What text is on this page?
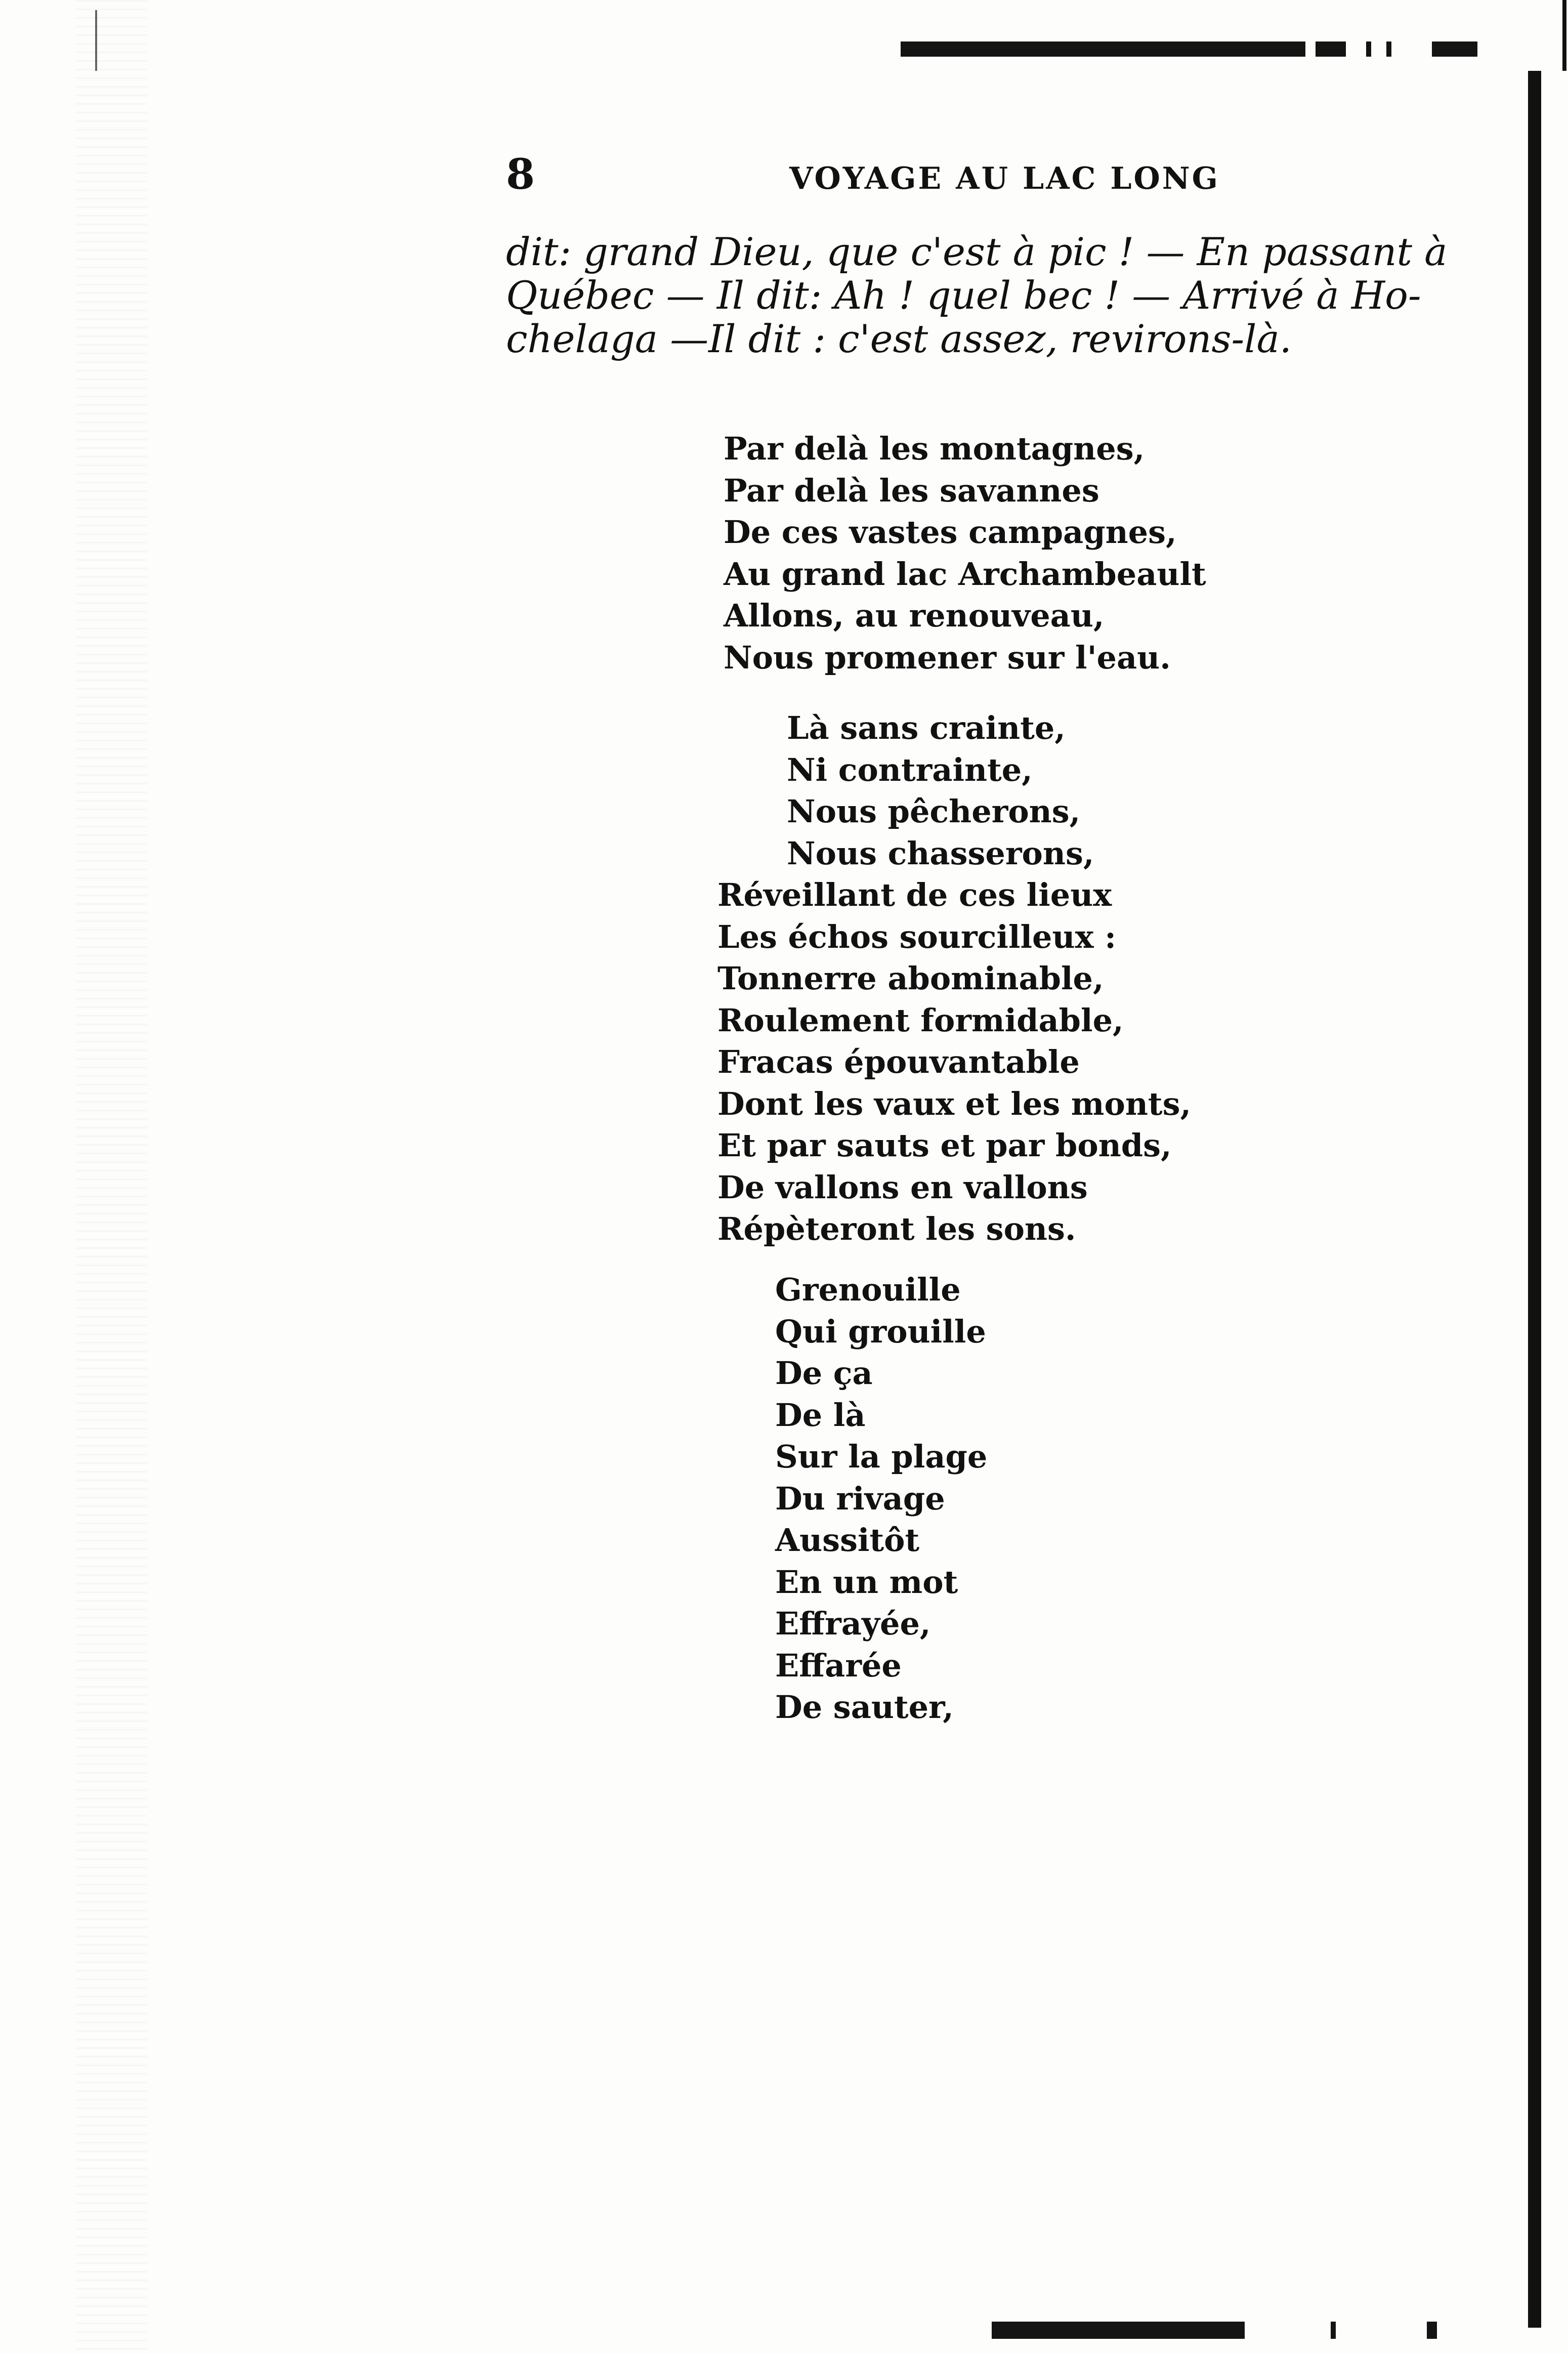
8	VOYAGE AU LAC LONG
dit: grand Dieu, que c'est à pic ! — En passant à
Québec — Il dit: Ah ! quel bec ! — Arrivé à Ho-
chelaga —Il dit : c'est assez, revirons-là.
Par delà les montagnes,
Par delà les savannes
De ces vastes campagnes,
Au grand lac Archambeault
Allons, au renouveau,
Nous promener sur l'eau.
Là sans crainte,
Ni contrainte,
Nous pêcherons,
Nous chasserons,
Réveillant de ces lieux
Les échos sourcilleux :
Tonnerre abominable,
Roulement formidable,
Fracas épouvantable
Dont les vaux et les monts,
Et par sauts et par bonds,
De vallons en vallons
Répèteront les sons.
Grenouille
Qui grouille
De ça
De là
Sur la plage
Du rivage
Aussitôt
En un mot
Effrayée,
Effarée
De sauter,
